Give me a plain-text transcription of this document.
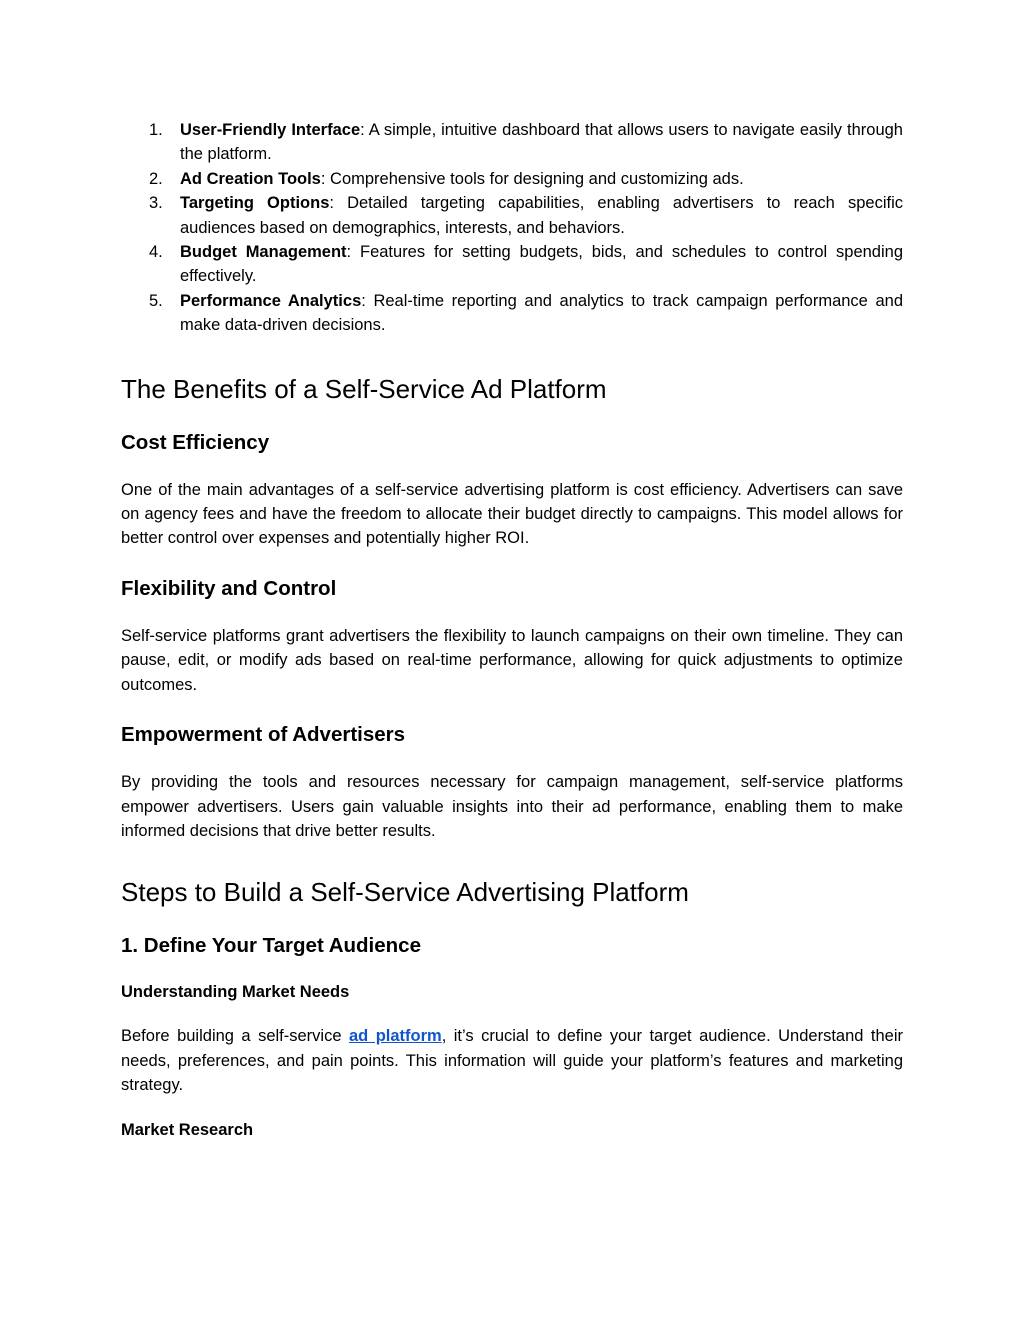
1. User-Friendly Interface: A simple, intuitive dashboard that allows users to navigate easily through the platform.
2. Ad Creation Tools: Comprehensive tools for designing and customizing ads.
3. Targeting Options: Detailed targeting capabilities, enabling advertisers to reach specific audiences based on demographics, interests, and behaviors.
4. Budget Management: Features for setting budgets, bids, and schedules to control spending effectively.
5. Performance Analytics: Real-time reporting and analytics to track campaign performance and make data-driven decisions.
The Benefits of a Self-Service Ad Platform
Cost Efficiency

One of the main advantages of a self-service advertising platform is cost efficiency. Advertisers can save on agency fees and have the freedom to allocate their budget directly to campaigns. This model allows for better control over expenses and potentially higher ROI.

Flexibility and Control

Self-service platforms grant advertisers the flexibility to launch campaigns on their own timeline. They can pause, edit, or modify ads based on real-time performance, allowing for quick adjustments to optimize outcomes.

Empowerment of Advertisers

By providing the tools and resources necessary for campaign management, self-service platforms empower advertisers. Users gain valuable insights into their ad performance, enabling them to make informed decisions that drive better results.

Steps to Build a Self-Service Advertising Platform
1. Define Your Target Audience
Understanding Market Needs

Before building a self-service ad platform, it’s crucial to define your target audience. Understand their needs, preferences, and pain points. This information will guide your platform’s features and marketing strategy.

Market Research
